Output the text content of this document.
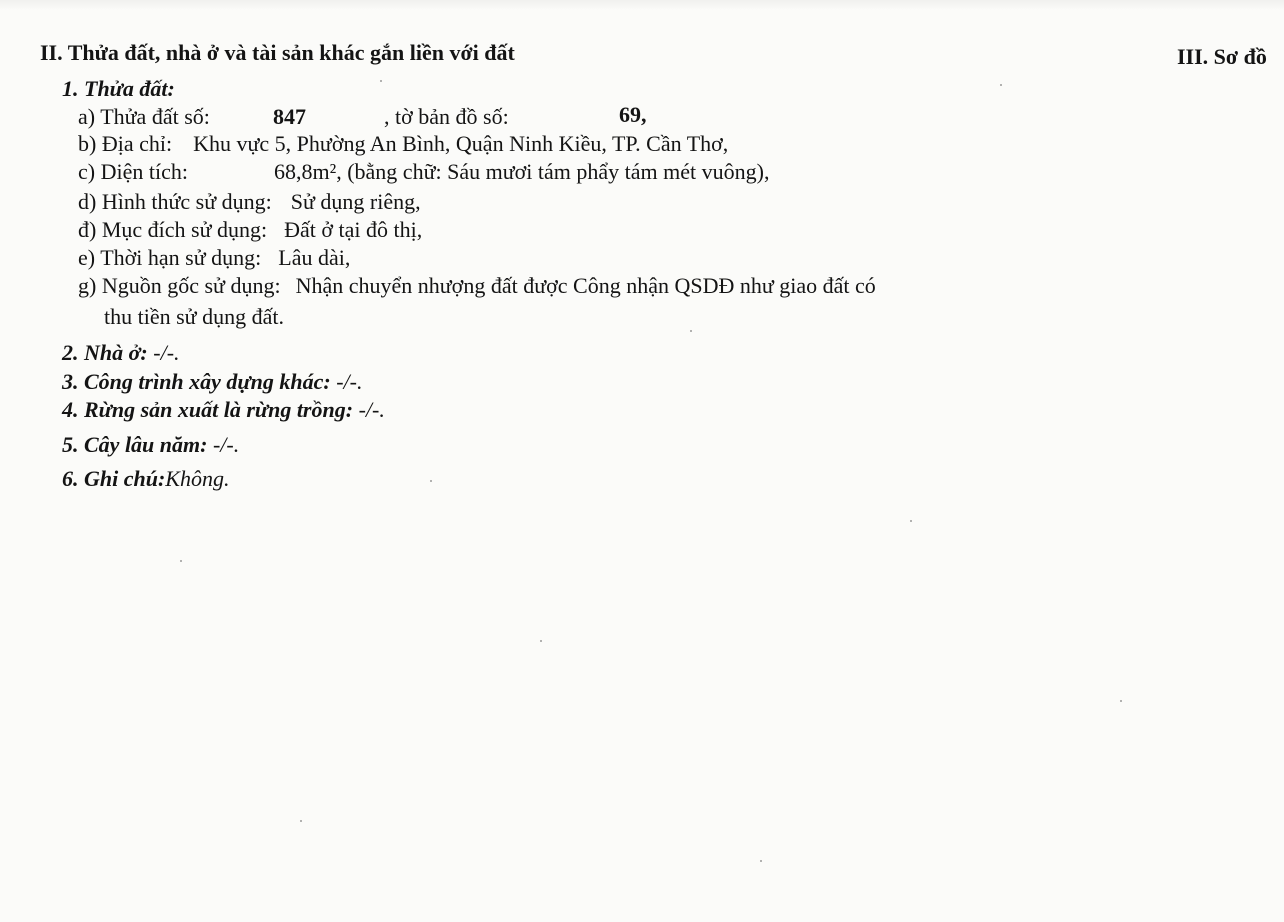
II. Thửa đất, nhà ở và tài sản khác gắn liền với đất	III. Sơ đồ
1. Thửa đất:
a) Thửa đất số:	847	, tờ bản đồ số:	69,
b) Địa chỉ: Khu vực 5, Phường An Bình, Quận Ninh Kiều, TP. Cần Thơ,
c) Diện tích:	68,8m², (bằng chữ: Sáu mươi tám phẩy tám mét vuông),
d) Hình thức sử dụng: Sử dụng riêng,
đ) Mục đích sử dụng: Đất ở tại đô thị,
e) Thời hạn sử dụng: Lâu dài,
g) Nguồn gốc sử dụng: Nhận chuyển nhượng đất được Công nhận QSDĐ như giao đất có
thu tiền sử dụng đất.
2. Nhà ở: -/-.
3. Công trình xây dựng khác: -/-.
4. Rừng sản xuất là rừng trồng: -/-.
5. Cây lâu năm: -/-.
6. Ghi chú:Không.
